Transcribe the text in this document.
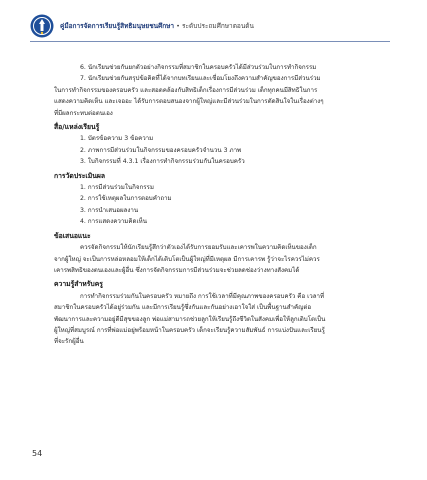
คู่มือการจัดการเรียนรู้สิทธิมนุษยชนศึกษา • ระดับประถมศึกษาตอนต้น

6. นักเรียนช่วยกันยกตัวอย่างกิจกรรมที่สมาชิกในครอบครัวได้มีส่วนร่วมในการทำกิจกรรม

7. นักเรียนช่วยกันสรุปข้อคิดที่ได้จากบทเรียนและเชื่อมโยงถึงความสำคัญของการมีส่วนร่วม

ในการทำกิจกรรมของครอบครัว และสอดคล้องกับสิทธิเด็กเรื่องการมีส่วนร่วม เด็กทุกคนมีสิทธิในการ

แสดงความคิดเห็น และเจออะ ได้รับการตอบสนองจากผู้ใหญ่และมีส่วนร่วมในการตัดสินใจในเรื่องต่างๆ

ที่มีผลกระทบต่อตนเอง

สื่อ/แหล่งเรียนรู้

1. บัตรข้อความ 3 ข้อความ

2. ภาพการมีส่วนร่วมในกิจกรรมของครอบครัวจำนวน 3 ภาพ

3. ใบกิจกรรมที่ 4.3.1 เรื่องการทำกิจกรรมร่วมกันในครอบครัว

การวัดประเมินผล

1. การมีส่วนร่วมในกิจกรรม

2. การใช้เหตุผลในการตอบคำถาม

3. การนำเสนอผลงาน

4. การแสดงความคิดเห็น

ข้อเสนอแนะ

ควรจัดกิจกรรมให้นักเรียนรู้สึกว่าตัวเองได้รับการยอมรับและเคารพในความคิดเห็นของเด็ก

จากผู้ใหญ่ จะเป็นการหล่อหลอมให้เด็กได้เติบโตเป็นผู้ใหญ่ที่มีเหตุผล มีการเคารพ รู้ว่าจะไรควรไม่ควร

เคารพสิทธิของตนเองและผู้อื่น ซึ่งการจัดกิจกรรมการมีส่วนร่วมจะช่วยลดช่องว่างทางสังคมได้

ความรู้สำหรับครู

การทำกิจกรรมร่วมกันในครอบครัว หมายถึง การใช้เวลาที่มีคุณภาพของครอบครัว คือ เวลาที่

สมาชิกในครอบครัวได้อยู่ร่วมกัน และมีการเรียนรู้ซึ่งกันและกันอย่างเอาใจใส่ เป็นพื้นฐานสำคัญต่อ

พัฒนาการและความอยู่ดีมีสุขของลูก พ่อแม่สามารถช่วยลูกให้เรียนรู้ถึงชีวิตในสังคมเพื่อให้ลูกเติบโตเป็น

ผู้ใหญ่ที่สมบูรณ์ การที่พ่อแม่อยู่พร้อมหน้าในครอบครัว เด็กจะเรียนรู้ความสัมพันธ์ การแบ่งปันและเรียนรู้

ที่จะรักผู้อื่น

54
